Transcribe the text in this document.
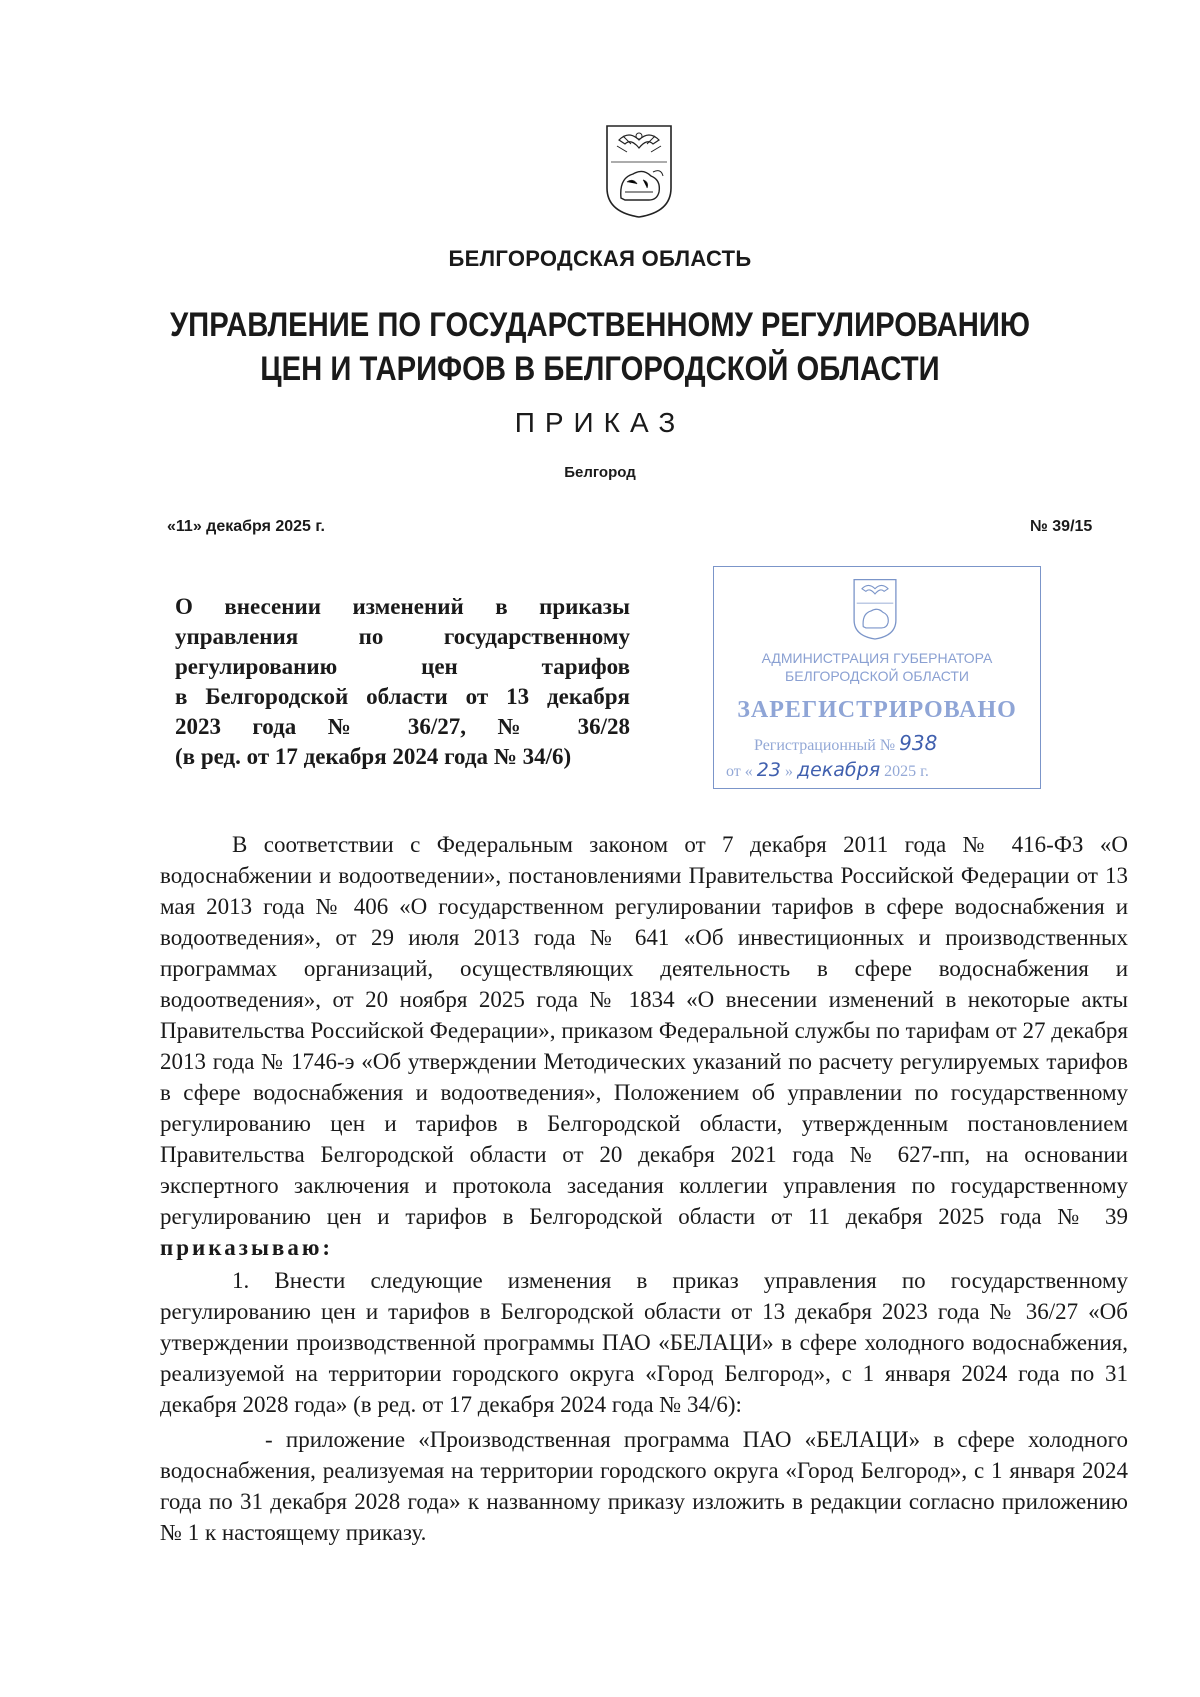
БЕЛГОРОДСКАЯ ОБЛАСТЬ
УПРАВЛЕНИЕ ПО ГОСУДАРСТВЕННОМУ РЕГУЛИРОВАНИЮ
ЦЕН И ТАРИФОВ В БЕЛГОРОДСКОЙ ОБЛАСТИ
ПРИКАЗ
Белгород
«11» декабря 2025 г.	№ 39/15
О внесении изменений в приказы
управления по государственному
регулированию цен тарифов
в Белгородской области от 13 декабря
2023 года № 36/27, № 36/28
(в ред. от 17 декабря 2024 года № 34/6)
АДМИНИСТРАЦИЯ ГУБЕРНАТОРА
БЕЛГОРОДСКОЙ ОБЛАСТИ
ЗАРЕГИСТРИРОВАНО
Регистрационный № 938
от « 23 » декабря 2025 г.

В соответствии с Федеральным законом от 7 декабря 2011 года № 416-ФЗ «О водоснабжении и водоотведении», постановлениями Правительства Российской Федерации от 13 мая 2013 года № 406 «О государственном регулировании тарифов в сфере водоснабжения и водоотведения», от 29 июля 2013 года № 641 «Об инвестиционных и производственных программах организаций, осуществляющих деятельность в сфере водоснабжения и водоотведения», от 20 ноября 2025 года № 1834 «О внесении изменений в некоторые акты Правительства Российской Федерации», приказом Федеральной службы по тарифам от 27 декабря 2013 года № 1746-э «Об утверждении Методических указаний по расчету регулируемых тарифов в сфере водоснабжения и водоотведения», Положением об управлении по государственному регулированию цен и тарифов в Белгородской области, утвержденным постановлением Правительства Белгородской области от 20 декабря 2021 года № 627-пп, на основании экспертного заключения и протокола заседания коллегии управления по государственному регулированию цен и тарифов в Белгородской области от 11 декабря 2025 года № 39 приказываю:

1. Внести следующие изменения в приказ управления по государственному регулированию цен и тарифов в Белгородской области от 13 декабря 2023 года № 36/27 «Об утверждении производственной программы ПАО «БЕЛАЦИ» в сфере холодного водоснабжения, реализуемой на территории городского округа «Город Белгород», с 1 января 2024 года по 31 декабря 2028 года» (в ред. от 17 декабря 2024 года № 34/6):

- приложение «Производственная программа ПАО «БЕЛАЦИ» в сфере холодного водоснабжения, реализуемая на территории городского округа «Город Белгород», с 1 января 2024 года по 31 декабря 2028 года» к названному приказу изложить в редакции согласно приложению № 1 к настоящему приказу.
